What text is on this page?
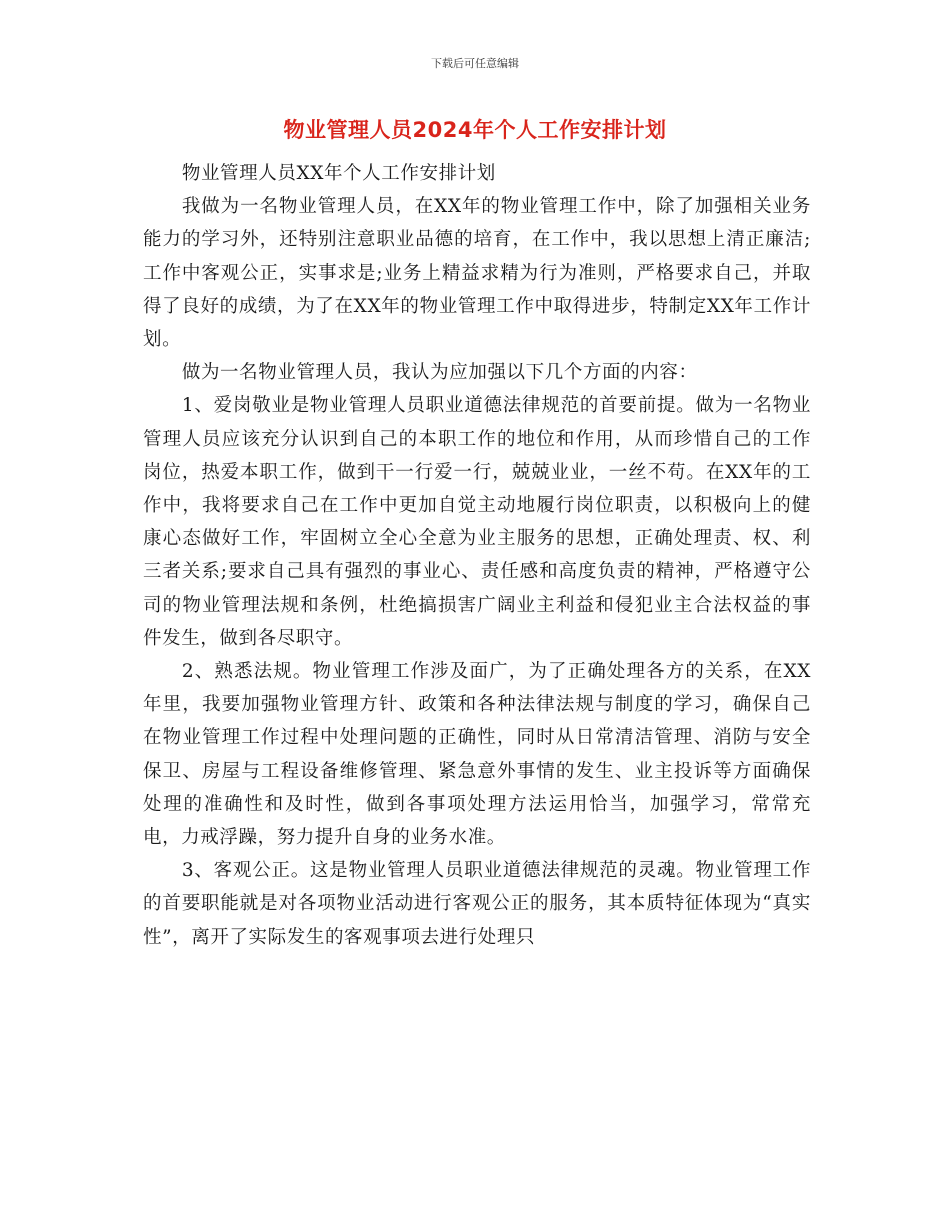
下载后可任意编辑
物业管理人员2024年个人工作安排计划

物业管理人员XX年个人工作安排计划

我做为一名物业管理人员，在XX年的物业管理工作中，除了加强相关业务能力的学习外，还特别注意职业品德的培育，在工作中，我以思想上清正廉洁;工作中客观公正，实事求是;业务上精益求精为行为准则，严格要求自己，并取得了良好的成绩，为了在XX年的物业管理工作中取得进步，特制定XX年工作计划。

做为一名物业管理人员，我认为应加强以下几个方面的内容：

1、爱岗敬业是物业管理人员职业道德法律规范的首要前提。做为一名物业管理人员应该充分认识到自己的本职工作的地位和作用，从而珍惜自己的工作岗位，热爱本职工作，做到干一行爱一行，兢兢业业，一丝不苟。在XX年的工作中，我将要求自己在工作中更加自觉主动地履行岗位职责，以积极向上的健康心态做好工作，牢固树立全心全意为业主服务的思想，正确处理责、权、利三者关系;要求自己具有强烈的事业心、责任感和高度负责的精神，严格遵守公司的物业管理法规和条例，杜绝搞损害广阔业主利益和侵犯业主合法权益的事件发生，做到各尽职守。

2、熟悉法规。物业管理工作涉及面广，为了正确处理各方的关系，在XX年里，我要加强物业管理方针、政策和各种法律法规与制度的学习，确保自己在物业管理工作过程中处理问题的正确性，同时从日常清洁管理、消防与安全保卫、房屋与工程设备维修管理、紧急意外事情的发生、业主投诉等方面确保处理的准确性和及时性，做到各事项处理方法运用恰当，加强学习，常常充电，力戒浮躁，努力提升自身的业务水准。

3、客观公正。这是物业管理人员职业道德法律规范的灵魂。物业管理工作的首要职能就是对各项物业活动进行客观公正的服务，其本质特征体现为“真实性”，离开了实际发生的客观事项去进行处理只
